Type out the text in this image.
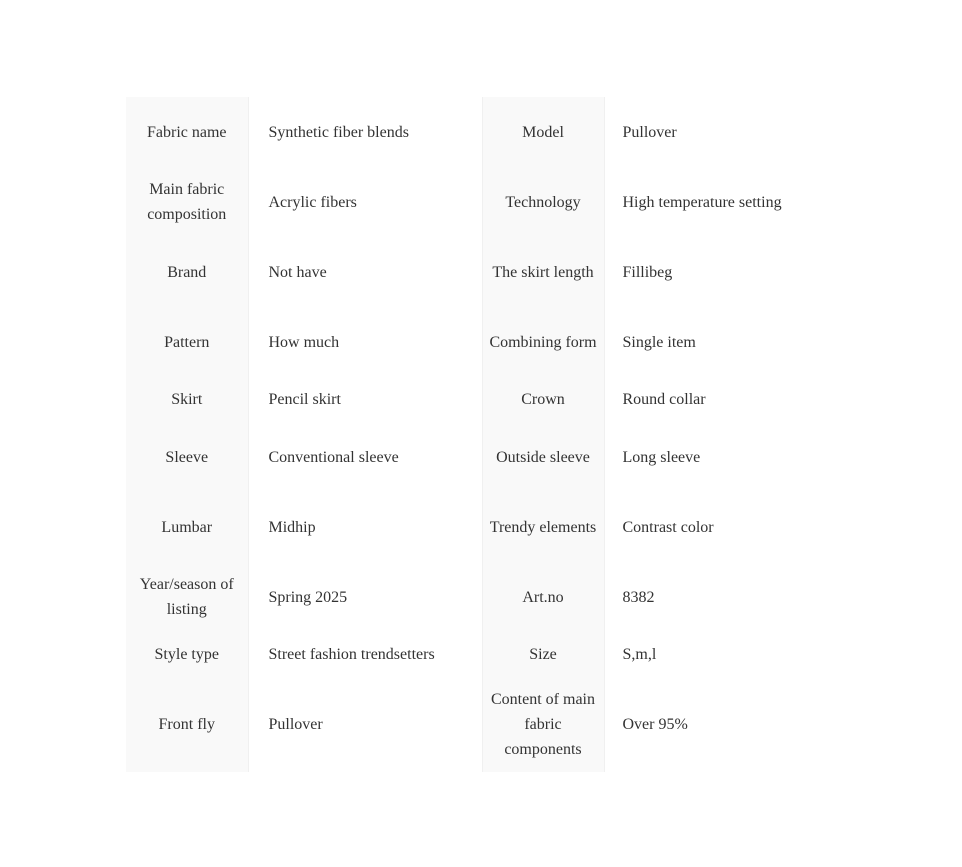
Fabric name	Synthetic fiber blends	Model	Pullover
Main fabric composition	Acrylic fibers	Technology	High temperature setting
Brand	Not have	The skirt length	Fillibeg
Pattern	How much	Combining form	Single item
Skirt	Pencil skirt	Crown	Round collar
Sleeve	Conventional sleeve	Outside sleeve	Long sleeve
Lumbar	Midhip	Trendy elements	Contrast color
Year/season of listing	Spring 2025	Art.no	8382
Style type	Street fashion trendsetters	Size	S,m,l
Front fly	Pullover	Content of main fabric components	Over 95%
